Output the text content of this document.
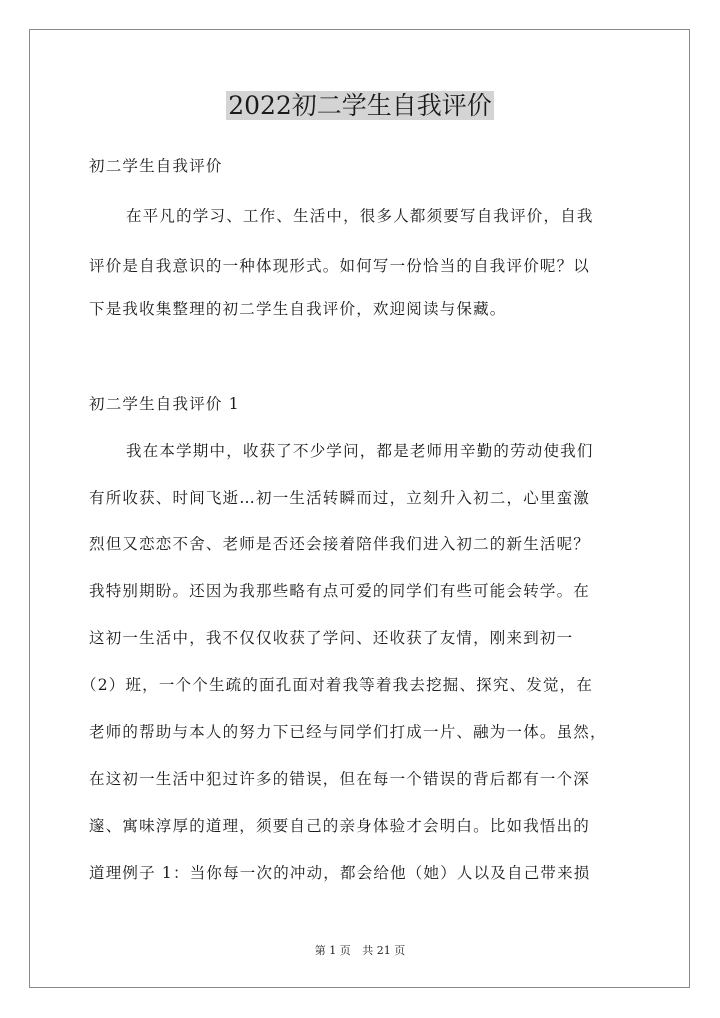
2022初二学生自我评价
初二学生自我评价
在平凡的学习、工作、生活中，很多人都须要写自我评价，自我
评价是自我意识的一种体现形式。如何写一份恰当的自我评价呢？以
下是我收集整理的初二学生自我评价，欢迎阅读与保藏。
初二学生自我评价 1
我在本学期中，收获了不少学问，都是老师用辛勤的劳动使我们
有所收获、时间飞逝…初一生活转瞬而过，立刻升入初二，心里蛮激
烈但又恋恋不舍、老师是否还会接着陪伴我们进入初二的新生活呢？
我特别期盼。还因为我那些略有点可爱的同学们有些可能会转学。在
这初一生活中，我不仅仅收获了学问、还收获了友情，刚来到初一
（2）班，一个个生疏的面孔面对着我等着我去挖掘、探究、发觉，在
老师的帮助与本人的努力下已经与同学们打成一片、融为一体。虽然，
在这初一生活中犯过许多的错误，但在每一个错误的背后都有一个深
邃、寓味淳厚的道理，须要自己的亲身体验才会明白。比如我悟出的
道理例子 1：当你每一次的冲动，都会给他（她）人以及自己带来损
第 1 页 共 21 页
